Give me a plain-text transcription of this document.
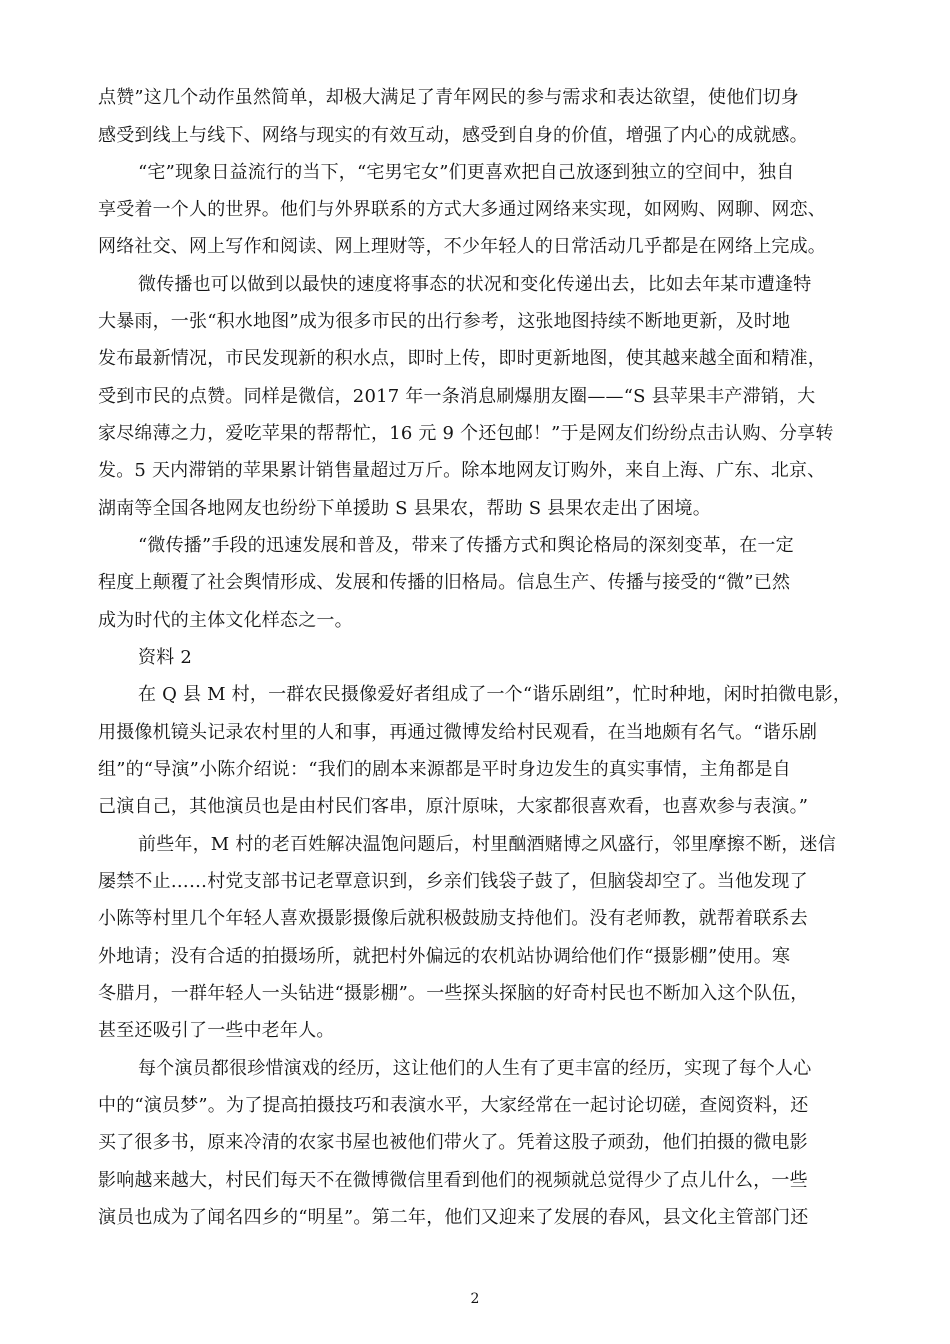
点赞”这几个动作虽然简单，却极大满足了青年网民的参与需求和表达欲望，使他们切身
感受到线上与线下、网络与现实的有效互动，感受到自身的价值，增强了内心的成就感。
“宅”现象日益流行的当下，“宅男宅女”们更喜欢把自己放逐到独立的空间中，独自
享受着一个人的世界。他们与外界联系的方式大多通过网络来实现，如网购、网聊、网恋、
网络社交、网上写作和阅读、网上理财等，不少年轻人的日常活动几乎都是在网络上完成。
微传播也可以做到以最快的速度将事态的状况和变化传递出去，比如去年某市遭逢特
大暴雨，一张“积水地图”成为很多市民的出行参考，这张地图持续不断地更新，及时地
发布最新情况，市民发现新的积水点，即时上传，即时更新地图，使其越来越全面和精准，
受到市民的点赞。同样是微信，2017 年一条消息刷爆朋友圈——“S 县苹果丰产滞销，大
家尽绵薄之力，爱吃苹果的帮帮忙，16 元 9 个还包邮！”于是网友们纷纷点击认购、分享转
发。5 天内滞销的苹果累计销售量超过万斤。除本地网友订购外，来自上海、广东、北京、
湖南等全国各地网友也纷纷下单援助 S 县果农，帮助 S 县果农走出了困境。
“微传播”手段的迅速发展和普及，带来了传播方式和舆论格局的深刻变革，在一定
程度上颠覆了社会舆情形成、发展和传播的旧格局。信息生产、传播与接受的“微”已然
成为时代的主体文化样态之一。
资料 2
在 Q 县 M 村，一群农民摄像爱好者组成了一个“谐乐剧组”，忙时种地，闲时拍微电影，
用摄像机镜头记录农村里的人和事，再通过微博发给村民观看，在当地颇有名气。“谐乐剧
组”的“导演”小陈介绍说：“我们的剧本来源都是平时身边发生的真实事情，主角都是自
己演自己，其他演员也是由村民们客串，原汁原味，大家都很喜欢看，也喜欢参与表演。”
前些年，M 村的老百姓解决温饱问题后，村里酗酒赌博之风盛行，邻里摩擦不断，迷信
屡禁不止……村党支部书记老覃意识到，乡亲们钱袋子鼓了，但脑袋却空了。当他发现了
小陈等村里几个年轻人喜欢摄影摄像后就积极鼓励支持他们。没有老师教，就帮着联系去
外地请；没有合适的拍摄场所，就把村外偏远的农机站协调给他们作“摄影棚”使用。寒
冬腊月，一群年轻人一头钻进“摄影棚”。一些探头探脑的好奇村民也不断加入这个队伍，
甚至还吸引了一些中老年人。
每个演员都很珍惜演戏的经历，这让他们的人生有了更丰富的经历，实现了每个人心
中的“演员梦”。为了提高拍摄技巧和表演水平，大家经常在一起讨论切磋，查阅资料，还
买了很多书，原来冷清的农家书屋也被他们带火了。凭着这股子顽劲，他们拍摄的微电影
影响越来越大，村民们每天不在微博微信里看到他们的视频就总觉得少了点儿什么，一些
演员也成为了闻名四乡的“明星”。第二年，他们又迎来了发展的春风，县文化主管部门还
2
